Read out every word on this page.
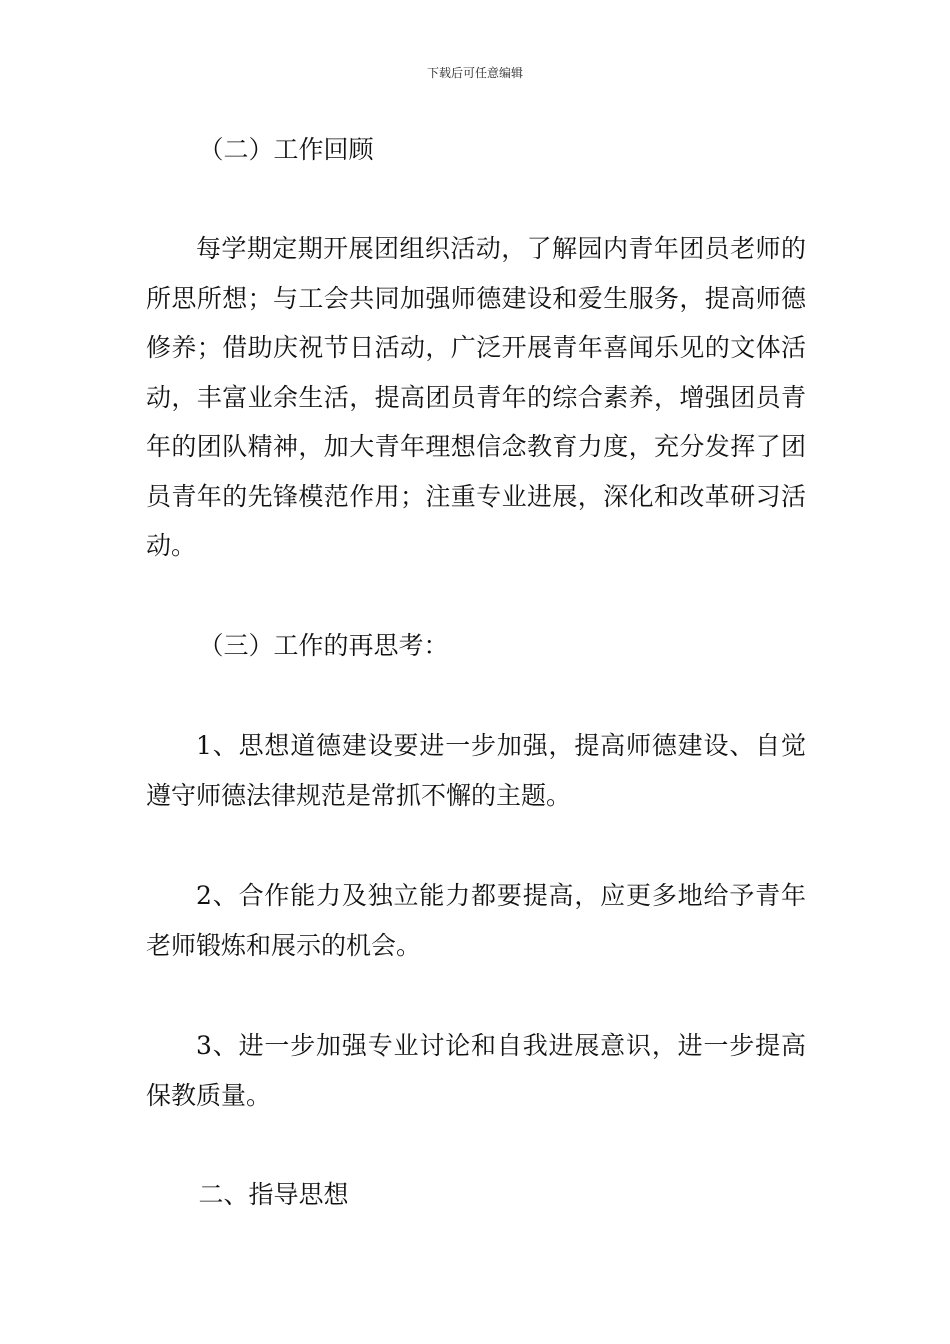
下载后可任意编辑
（二）工作回顾
每学期定期开展团组织活动，了解园内青年团员老师的所思所想；与工会共同加强师德建设和爱生服务，提高师德修养；借助庆祝节日活动，广泛开展青年喜闻乐见的文体活动，丰富业余生活，提高团员青年的综合素养，增强团员青年的团队精神，加大青年理想信念教育力度，充分发挥了团员青年的先锋模范作用；注重专业进展，深化和改革研习活动。
（三）工作的再思考：
1、思想道德建设要进一步加强，提高师德建设、自觉遵守师德法律规范是常抓不懈的主题。
2、合作能力及独立能力都要提高，应更多地给予青年老师锻炼和展示的机会。
3、进一步加强专业讨论和自我进展意识，进一步提高保教质量。
二、指导思想
